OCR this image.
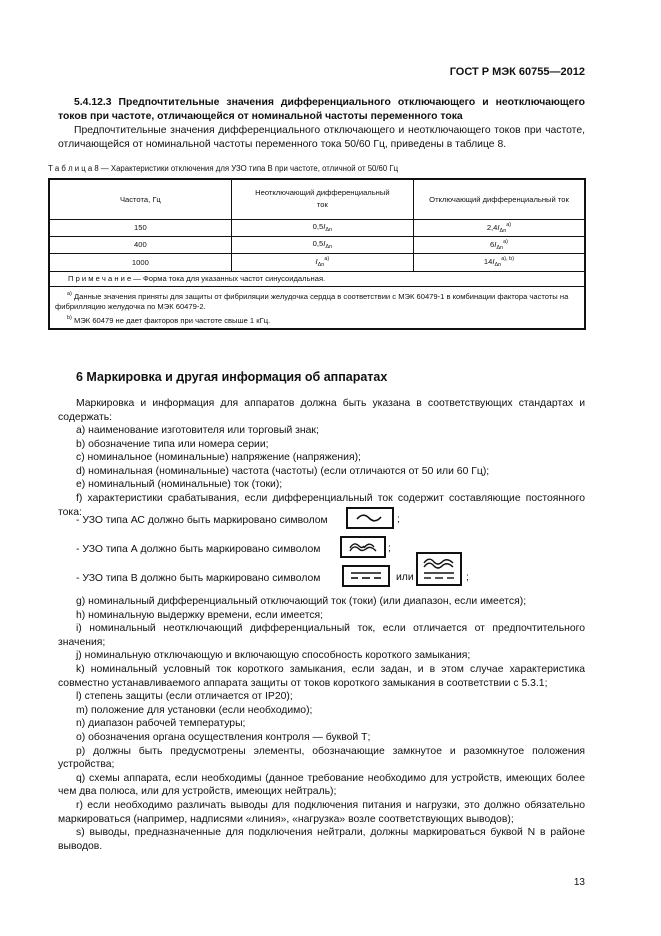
ГОСТ Р МЭК 60755—2012
5.4.12.3 Предпочтительные значения дифференциального отключающего и неотключающего токов при частоте, отличающейся от номинальной частоты переменного тока
Предпочтительные значения дифференциального отключающего и неотключающего токов при частоте, отличающейся от номинальной частоты переменного тока 50/60 Гц, приведены в таблице 8.
Т а б л и ц а 8 — Характеристики отключения для УЗО типа В при частоте, отличной от 50/60 Гц
Частота, Гц	Неотключающий дифференциальный ток	Отключающий дифференциальный ток
150	$0,5I_{\Delta n}$	$2,4I_{\Delta n}^{а)}$
400	$0,5I_{\Delta n}$	$6I_{\Delta n}^{а)}$
1000	$I_{\Delta n}^{а)}$	$14I_{\Delta n}^{а), b)}$
П р и м е ч а н и е — Форма тока для указанных частот синусоидальная.		

$^{а)}$ Данные значения приняты для защиты от фибриляции желудочка сердца в соответствии с МЭК 60479-1 в комбинации фактора частоты на фибрилляцию желудочка по МЭК 60479-2.
$^{b)}$ МЭК 60479 не дает факторов при частоте свыше 1 кГц.		
6 Маркировка и другая информация об аппаратах
Маркировка и информация для аппаратов должна быть указана в соответствующих стандартах и содержать:
a) наименование изготовителя или торговый знак;
b) обозначение типа или номера серии;
c) номинальное (номинальные) напряжение (напряжения);
d) номинальная (номинальные) частота (частоты) (если отличаются от 50 или 60 Гц);
e) номинальный (номинальные) ток (токи);
f) характеристики срабатывания, если дифференциальный ток содержит составляющие постоянного тока:
- УЗО типа АС должно быть маркировано символом	;
- УЗО типа А должно быть маркировано символом	;
- УЗО типа В должно быть маркировано символом	или	;
g) номинальный дифференциальный отключающий ток (токи) (или диапазон, если имеется);
h) номинальную выдержку времени, если имеется;
i) номинальный неотключающий дифференциальный ток, если отличается от предпочтительного значения;
j) номинальную отключающую и включающую способность короткого замыкания;
k) номинальный условный ток короткого замыкания, если задан, и в этом случае характеристика совместно устанавливаемого аппарата защиты от токов короткого замыкания в соответствии с 5.3.1;
l) степень защиты (если отличается от IP20);
m) положение для установки (если необходимо);
n) диапазон рабочей температуры;
o) обозначения органа осуществления контроля — буквой Т;
p) должны быть предусмотрены элементы, обозначающие замкнутое и разомкнутое положения устройства;
q) схемы аппарата, если необходимы (данное требование необходимо для устройств, имеющих более чем два полюса, или для устройств, имеющих нейтраль);
r) если необходимо различать выводы для подключения питания и нагрузки, это должно обязательно маркироваться (например, надписями «линия», «нагрузка» возле соответствующих выводов);
s) выводы, предназначенные для подключения нейтрали, должны маркироваться буквой N в районе выводов.
13
